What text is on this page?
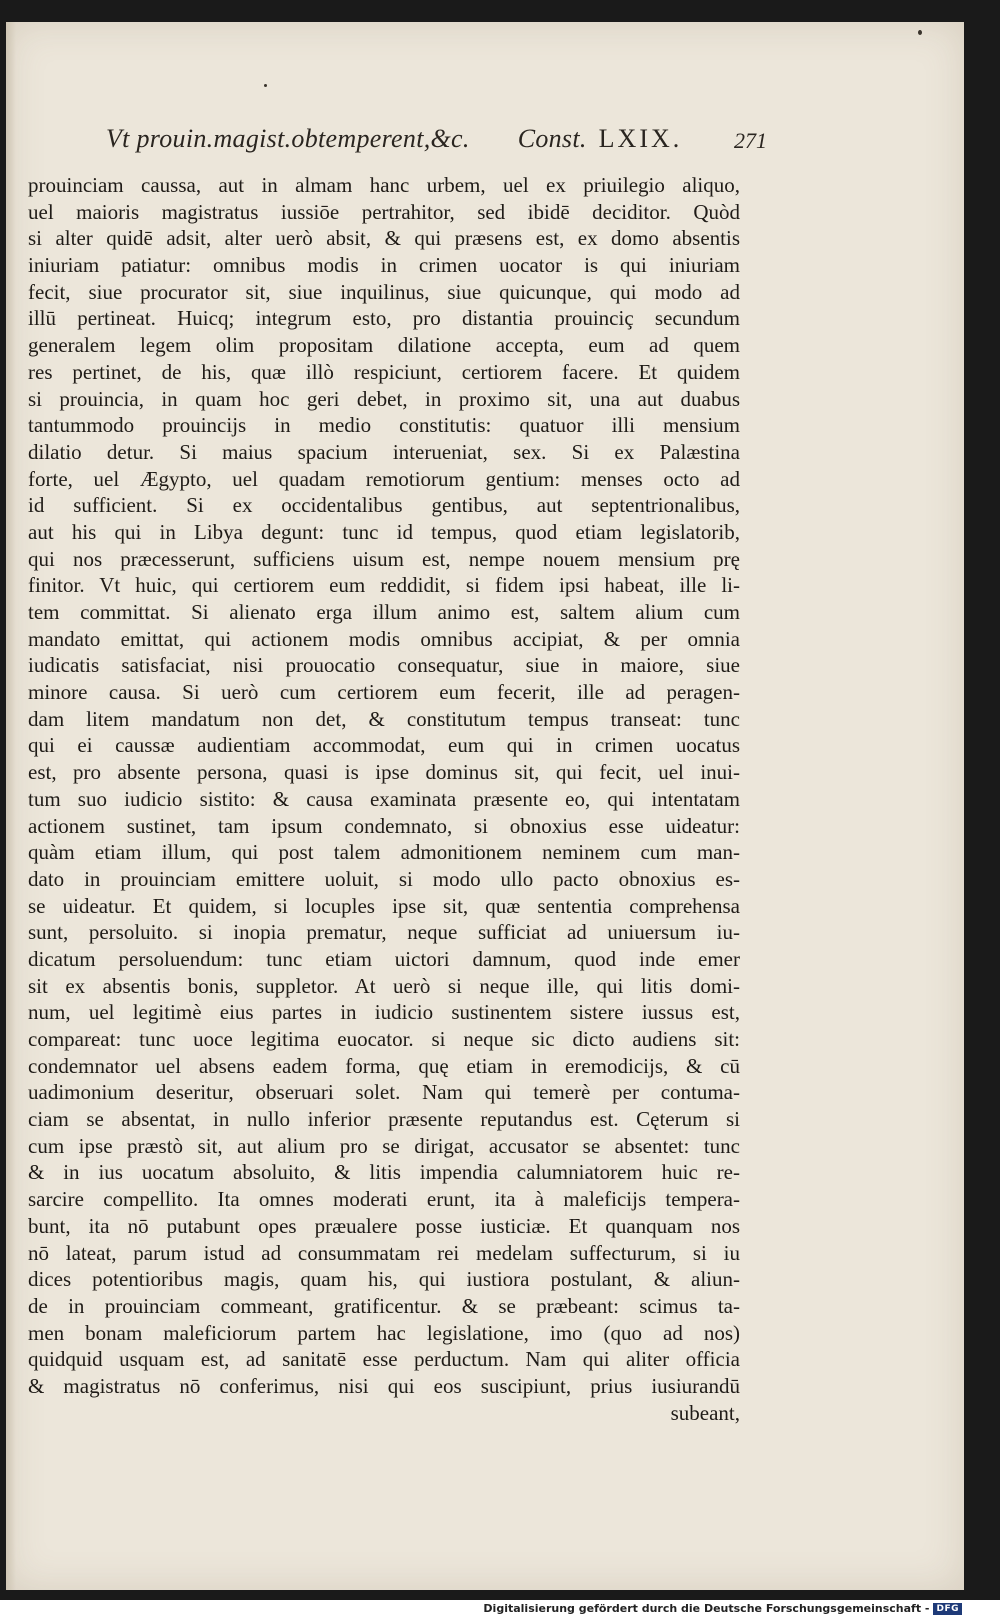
Vt prouin.magist.obtemperent,&c. Const. LXIX. 271
prouinciam caussa, aut in almam hanc urbem, uel ex priuilegio aliquo,
uel maioris magistratus iussiōe pertrahitor, sed ibidē deciditor. Quòd
si alter quidē adsit, alter uerò absit, & qui præsens est, ex domo absentis
iniuriam patiatur: omnibus modis in crimen uocator is qui iniuriam
fecit, siue procurator sit, siue inquilinus, siue quicunque, qui modo ad
illū pertineat. Huicq; integrum esto, pro distantia prouinciç secundum
generalem legem olim propositam dilatione accepta, eum ad quem
res pertinet, de his, quæ illò respiciunt, certiorem facere. Et quidem
si prouincia, in quam hoc geri debet, in proximo sit, una aut duabus
tantummodo prouincijs in medio constitutis: quatuor illi mensium
dilatio detur. Si maius spacium interueniat, sex. Si ex Palæstina
forte, uel Ægypto, uel quadam remotiorum gentium: menses octo ad
id sufficient. Si ex occidentalibus gentibus, aut septentrionalibus,
aut his qui in Libya degunt: tunc id tempus, quod etiam legislatorib,
qui nos præcesserunt, sufficiens uisum est, nempe nouem mensium prę
finitor. Vt huic, qui certiorem eum reddidit, si fidem ipsi habeat, ille li-
tem committat. Si alienato erga illum animo est, saltem alium cum
mandato emittat, qui actionem modis omnibus accipiat, & per omnia
iudicatis satisfaciat, nisi prouocatio consequatur, siue in maiore, siue
minore causa. Si uerò cum certiorem eum fecerit, ille ad peragen-
dam litem mandatum non det, & constitutum tempus transeat: tunc
qui ei caussæ audientiam accommodat, eum qui in crimen uocatus
est, pro absente persona, quasi is ipse dominus sit, qui fecit, uel inui-
tum suo iudicio sistito: & causa examinata præsente eo, qui intentatam
actionem sustinet, tam ipsum condemnato, si obnoxius esse uideatur:
quàm etiam illum, qui post talem admonitionem neminem cum man-
dato in prouinciam emittere uoluit, si modo ullo pacto obnoxius es-
se uideatur. Et quidem, si locuples ipse sit, quæ sententia comprehensa
sunt, persoluito. si inopia prematur, neque sufficiat ad uniuersum iu-
dicatum persoluendum: tunc etiam uictori damnum, quod inde emer
sit ex absentis bonis, suppletor. At uerò si neque ille, qui litis domi-
num, uel legitimè eius partes in iudicio sustinentem sistere iussus est,
compareat: tunc uoce legitima euocator. si neque sic dicto audiens sit:
condemnator uel absens eadem forma, quę etiam in eremodicijs, & cū
uadimonium deseritur, obseruari solet. Nam qui temerè per contuma-
ciam se absentat, in nullo inferior præsente reputandus est. Cęterum si
cum ipse præstò sit, aut alium pro se dirigat, accusator se absentet: tunc
& in ius uocatum absoluito, & litis impendia calumniatorem huic re-
sarcire compellito. Ita omnes moderati erunt, ita à maleficijs tempera-
bunt, ita nō putabunt opes præualere posse iusticiæ. Et quanquam nos
nō lateat, parum istud ad consummatam rei medelam suffecturum, si iu
dices potentioribus magis, quam his, qui iustiora postulant, & aliun-
de in prouinciam commeant, gratificentur. & se præbeant: scimus ta-
men bonam maleficiorum partem hac legislatione, imo (quo ad nos)
quidquid usquam est, ad sanitatē esse perductum. Nam qui aliter officia
& magistratus nō conferimus, nisi qui eos suscipiunt, prius iusiurandū
subeant,
Digitalisierung gefördert durch die Deutsche Forschungsgemeinschaft - DFG
